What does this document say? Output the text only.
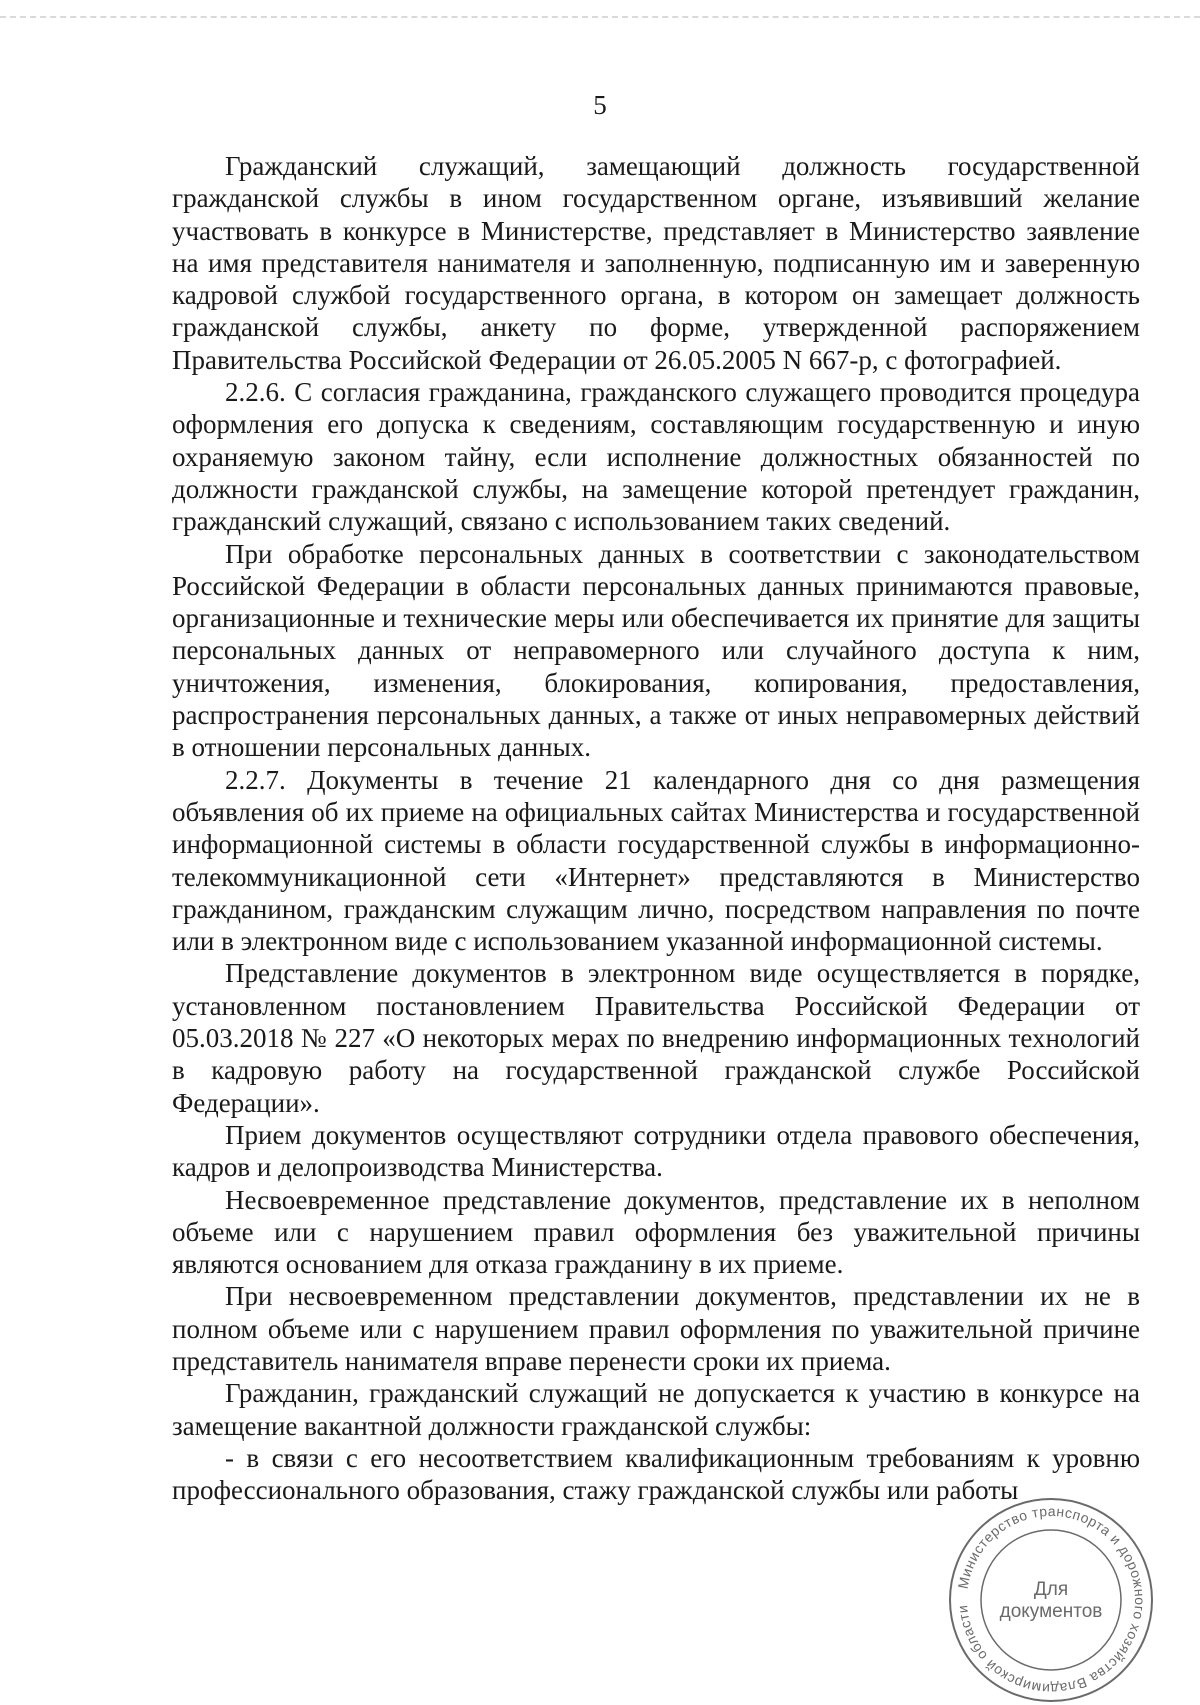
5

Гражданский служащий, замещающий должность государственной гражданской службы в ином государственном органе, изъявивший желание участвовать в конкурсе в Министерстве, представляет в Министерство заявление на имя представителя нанимателя и заполненную, подписанную им и заверенную кадровой службой государственного органа, в котором он замещает должность гражданской службы, анкету по форме, утвержденной распоряжением Правительства Российской Федерации от 26.05.2005 N 667-р, с фотографией.

2.2.6. С согласия гражданина, гражданского служащего проводится процедура оформления его допуска к сведениям, составляющим государственную и иную охраняемую законом тайну, если исполнение должностных обязанностей по должности гражданской службы, на замещение которой претендует гражданин, гражданский служащий, связано с использованием таких сведений.

При обработке персональных данных в соответствии с законодательством Российской Федерации в области персональных данных принимаются правовые, организационные и технические меры или обеспечивается их принятие для защиты персональных данных от неправомерного или случайного доступа к ним, уничтожения, изменения, блокирования, копирования, предоставления, распространения персональных данных, а также от иных неправомерных действий в отношении персональных данных.

2.2.7. Документы в течение 21 календарного дня со дня размещения объявления об их приеме на официальных сайтах Министерства и государственной информационной системы в области государственной службы в информационно-телекоммуникационной сети «Интернет» представляются в Министерство гражданином, гражданским служащим лично, посредством направления по почте или в электронном виде с использованием указанной информационной системы.

Представление документов в электронном виде осуществляется в порядке, установленном постановлением Правительства Российской Федерации от 05.03.2018 № 227 «О некоторых мерах по внедрению информационных технологий в кадровую работу на государственной гражданской службе Российской Федерации».

Прием документов осуществляют сотрудники отдела правового обеспечения, кадров и делопроизводства Министерства.

Несвоевременное представление документов, представление их в неполном объеме или с нарушением правил оформления без уважительной причины являются основанием для отказа гражданину в их приеме.

При несвоевременном представлении документов, представлении их не в полном объеме или с нарушением правил оформления по уважительной причине представитель нанимателя вправе перенести сроки их приема.

Гражданин, гражданский служащий не допускается к участию в конкурсе на замещение вакантной должности гражданской службы:

- в связи с его несоответствием квалификационным требованиям к уровню профессионального образования, стажу гражданской службы или работы

Министерство транспорта и дорожного хозяйства Владимирской области
Для
документов
